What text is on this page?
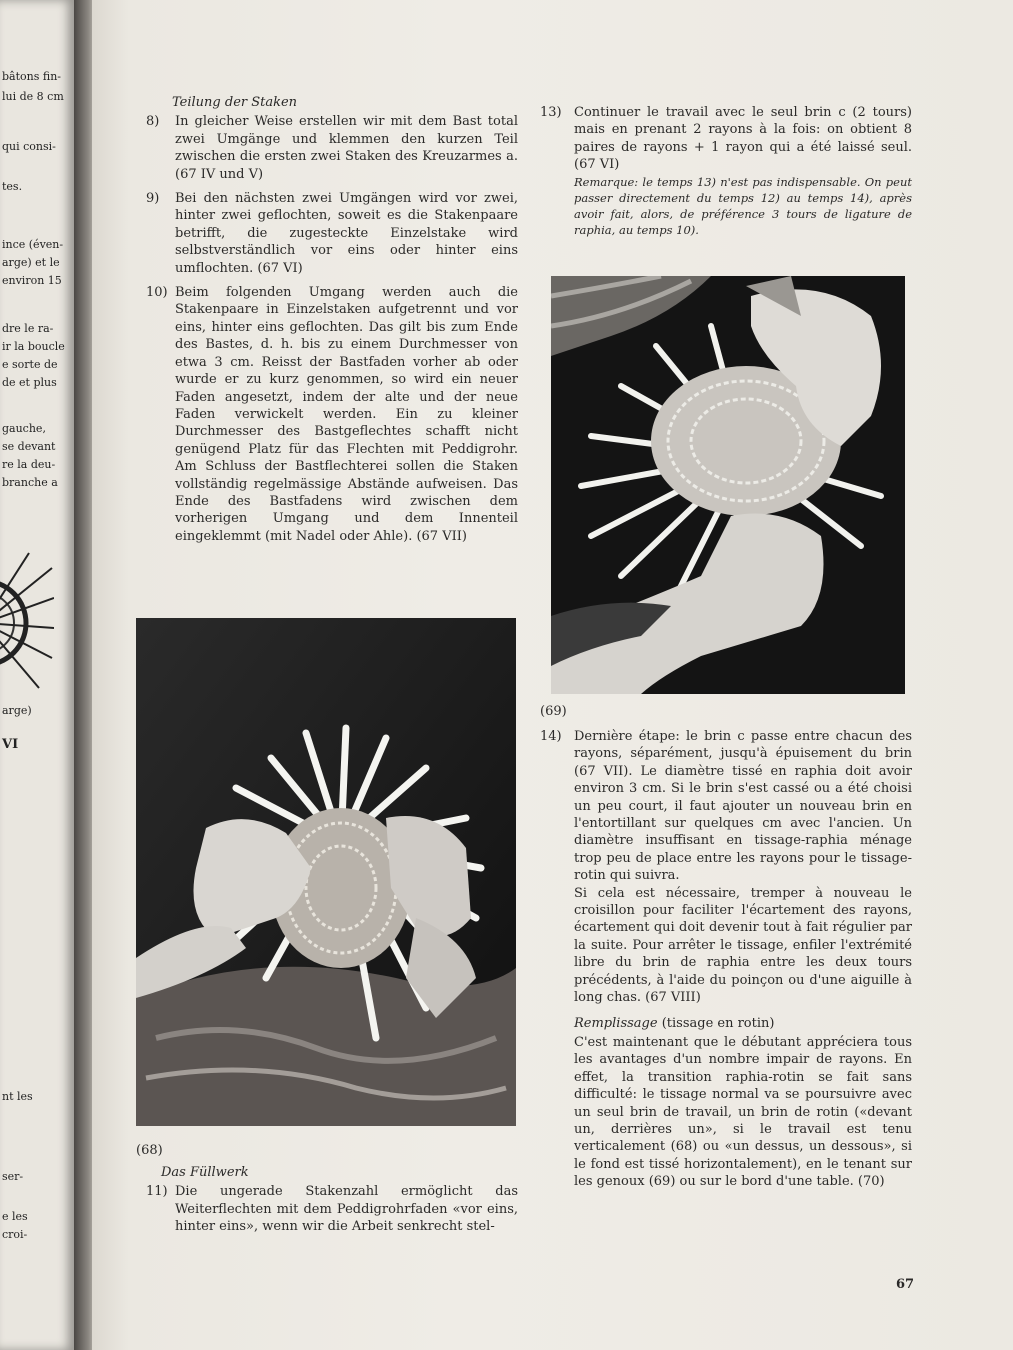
bâtons fin-
lui de 8 cm
qui consi-
tes.
ince (éven-
arge) et le
environ 15
dre le ra-
ir la boucle
e sorte de
de et plus
gauche,
se devant
re la deu-
branche a
arge)
VI
nt les
ser-
e les
croi-
Teilung der Staken
8) In gleicher Weise erstellen wir mit dem Bast total zwei Umgänge und klemmen den kurzen Teil zwischen die ersten zwei Staken des Kreuzarmes a. (67 IV und V)
9) Bei den nächsten zwei Umgängen wird vor zwei, hinter zwei geflochten, soweit es die Stakenpaare betrifft, die zugesteckte Einzelstake wird selbstverständlich vor eins oder hinter eins umflochten. (67 VI)
10) Beim folgenden Umgang werden auch die Stakenpaare in Einzelstaken aufgetrennt und vor eins, hinter eins geflochten. Das gilt bis zum Ende des Bastes, d. h. bis zu einem Durchmesser von etwa 3 cm. Reisst der Bastfaden vorher ab oder wurde er zu kurz genommen, so wird ein neuer Faden angesetzt, indem der alte und der neue Faden verwickelt werden. Ein zu kleiner Durchmesser des Bastgeflechtes schafft nicht genügend Platz für das Flechten mit Peddigrohr. Am Schluss der Bastflechterei sollen die Staken vollständig regelmässige Abstände aufweisen. Das Ende des Bastfadens wird zwischen dem vorherigen Umgang und dem Innenteil eingeklemmt (mit Nadel oder Ahle). (67 VII)
(68)
Das Füllwerk
11) Die ungerade Stakenzahl ermöglicht das Weiterflechten mit dem Peddigrohrfaden «vor eins, hinter eins», wenn wir die Arbeit senkrecht stel-
13) Continuer le travail avec le seul brin c (2 tours) mais en prenant 2 rayons à la fois: on obtient 8 paires de rayons + 1 rayon qui a été laissé seul. (67 VI)
Remarque: le temps 13) n'est pas indispensable. On peut passer directement du temps 12) au temps 14), après avoir fait, alors, de préférence 3 tours de ligature de raphia, au temps 10).
(69)
14) Dernière étape: le brin c passe entre chacun des rayons, séparément, jusqu'à épuisement du brin (67 VII). Le diamètre tissé en raphia doit avoir environ 3 cm. Si le brin s'est cassé ou a été choisi un peu court, il faut ajouter un nouveau brin en l'entortillant sur quelques cm avec l'ancien. Un diamètre insuffisant en tissage-raphia ménage trop peu de place entre les rayons pour le tissage-rotin qui suivra.
Si cela est nécessaire, tremper à nouveau le croisillon pour faciliter l'écartement des rayons, écartement qui doit devenir tout à fait régulier par la suite. Pour arrêter le tissage, enfiler l'extrémité libre du brin de raphia entre les deux tours précédents, à l'aide du poinçon ou d'une aiguille à long chas. (67 VIII)
Remplissage (tissage en rotin)
C'est maintenant que le débutant appréciera tous les avantages d'un nombre impair de rayons. En effet, la transition raphia-rotin se fait sans difficulté: le tissage normal va se poursuivre avec un seul brin de travail, un brin de rotin («devant un, derrières un», si le travail est tenu verticalement (68) ou «un dessus, un dessous», si le fond est tissé horizontalement), en le tenant sur les genoux (69) ou sur le bord d'une table. (70)
67
